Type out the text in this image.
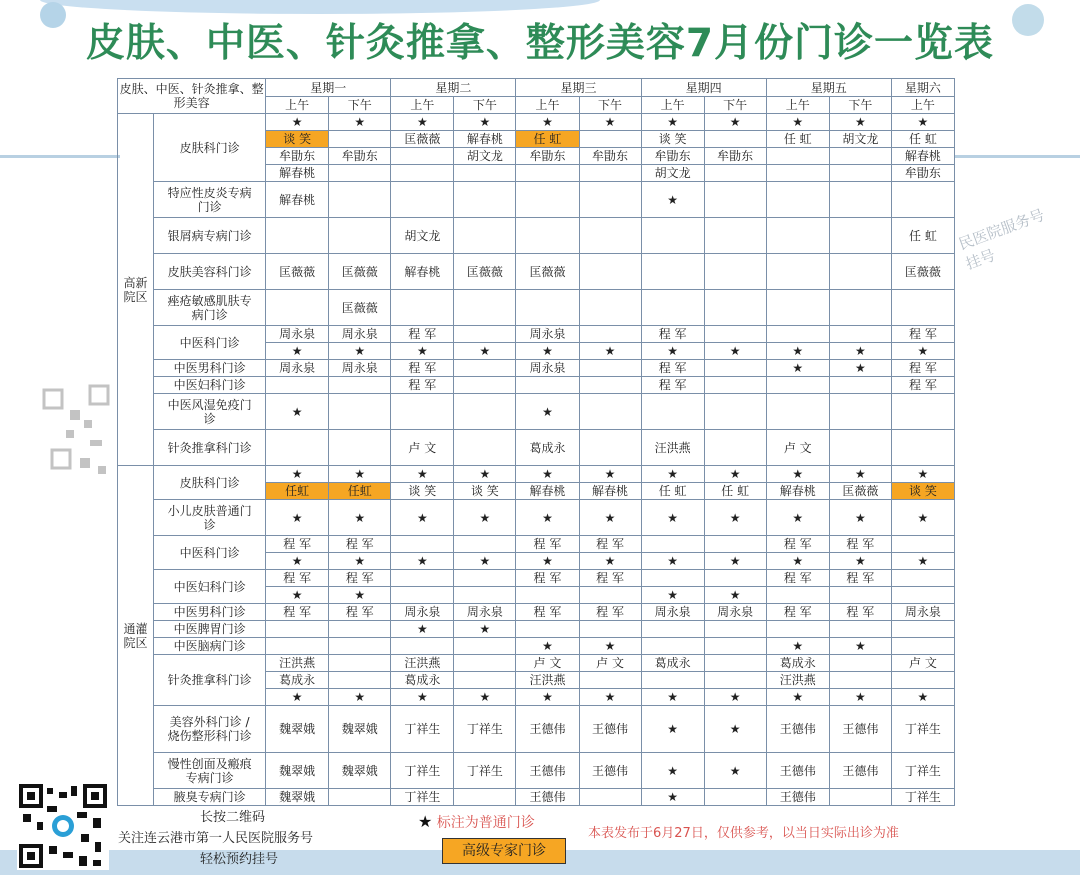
皮肤、中医、针灸推拿、整形美容7月份门诊一览表
民医院服务号
挂号
皮肤、中医、针灸推拿、整形美容		星期一		星期二		星期三		星期四		星期五		星期六
		上午	下午	上午	下午	上午	下午	上午	下午	上午	下午	上午
高新院区	皮肤科门诊	★	★	★	★	★	★	★	★	★	★	★
		谈 笑		匡薇薇	解春桃	任 虹		谈 笑		任 虹	胡文龙	任 虹
		牟勖东	牟勖东		胡文龙	牟勖东	牟勖东	牟勖东	牟勖东			解春桃
		解春桃						胡文龙				牟勖东
	特应性皮炎专病门诊	解春桃						★				
	银屑病专病门诊			胡文龙								任 虹
	皮肤美容科门诊	匡薇薇	匡薇薇	解春桃	匡薇薇	匡薇薇						匡薇薇
	痤疮敏感肌肤专病门诊		匡薇薇									
	中医科门诊	周永泉	周永泉	程 军		周永泉		程 军				程 军
		★	★	★	★	★	★	★	★	★	★	★
	中医男科门诊	周永泉	周永泉	程 军		周永泉		程 军		★	★	程 军
	中医妇科门诊			程 军				程 军				程 军
	中医风湿免疫门诊	★				★						
	针灸推拿科门诊			卢 文		葛成永		汪洪燕		卢 文		
通灌院区	皮肤科门诊	★	★	★	★	★	★	★	★	★	★	★
		任虹	任虹	谈 笑	谈 笑	解春桃	解春桃	任 虹	任 虹	解春桃	匡薇薇	谈 笑
	小儿皮肤普通门诊	★	★	★	★	★	★	★	★	★	★	★
	中医科门诊	程 军	程 军			程 军	程 军			程 军	程 军	
		★	★	★	★	★	★	★	★	★	★	★
	中医妇科门诊	程 军	程 军			程 军	程 军			程 军	程 军	
		★	★					★	★			
	中医男科门诊	程 军	程 军	周永泉	周永泉	程 军	程 军	周永泉	周永泉	程 军	程 军	周永泉
	中医脾胃门诊			★	★							
	中医脑病门诊					★	★			★	★	
	针灸推拿科门诊	汪洪燕		汪洪燕		卢 文	卢 文	葛成永		葛成永		卢 文
		葛成永		葛成永		汪洪燕				汪洪燕		
		★	★	★	★	★	★	★	★	★	★	★
	美容外科门诊 / 烧伤整形科门诊	魏翠娥	魏翠娥	丁祥生	丁祥生	王德伟	王德伟	★	★	王德伟	王德伟	丁祥生
	慢性创面及瘢痕专病门诊	魏翠娥	魏翠娥	丁祥生	丁祥生	王德伟	王德伟	★	★	王德伟	王德伟	丁祥生
	腋臭专病门诊	魏翠娥		丁祥生		王德伟		★		王德伟		丁祥生
长按二维码
关注连云港市第一人民医院服务号
轻松预约挂号
★ 标注为普通门诊
高级专家门诊
本表发布于6月27日，仅供参考，以当日实际出诊为准
